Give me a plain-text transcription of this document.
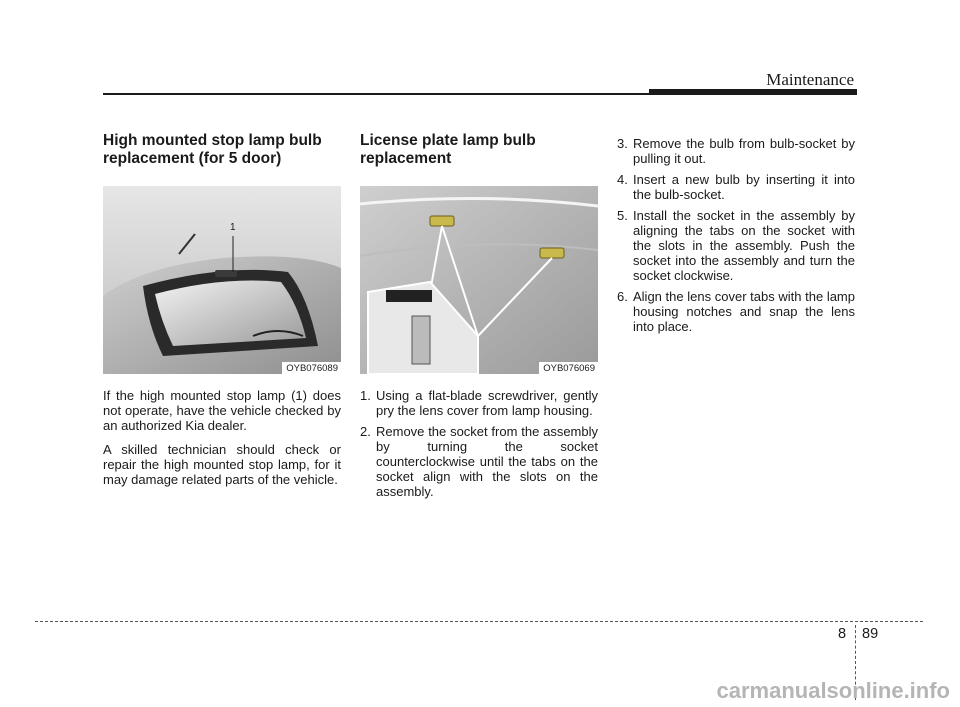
Maintenance
High mounted stop lamp bulb replacement (for 5 door)
1
OYB076089

If the high mounted stop lamp (1) does not operate, have the vehicle checked by an authorized Kia dealer.

A skilled technician should check or repair the high mounted stop lamp, for it may damage related parts of the vehicle.

License plate lamp bulb replacement
OYB076069
1. Using a flat-blade screwdriver, gently pry the lens cover from lamp housing.
2. Remove the socket from the assembly by turning the socket counterclockwise until the tabs on the socket align with the slots on the assembly.
3. Remove the bulb from bulb-socket by pulling it out.
4. Insert a new bulb by inserting it into the bulb-socket.
5. Install the socket in the assembly by aligning the tabs on the socket with the slots in the assembly. Push the socket into the assembly and turn the socket clockwise.
6. Align the lens cover tabs with the lamp housing notches and snap the lens into place.
8 89
carmanualsonline.info
